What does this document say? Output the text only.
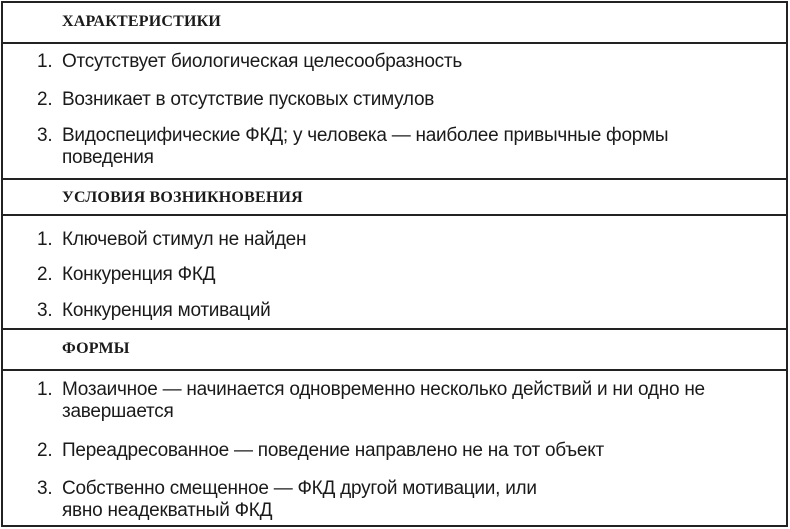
ХАРАКТЕРИСТИКИ
1. Отсутствует биологическая целесообразность
2. Возникает в отсутствие пусковых стимулов
3. Видоспецифические ФКД; у человека — наиболее привычные формы поведения
УСЛОВИЯ ВОЗНИКНОВЕНИЯ
1. Ключевой стимул не найден
2. Конкуренция ФКД
3. Конкуренция мотиваций
ФОРМЫ
1. Мозаичное — начинается одновременно несколько действий и ни одно не завершается
2. Переадресованное — поведение направлено не на тот объект
3. Собственно смещенное — ФКД другой мотивации, или явно неадекватный ФКД
